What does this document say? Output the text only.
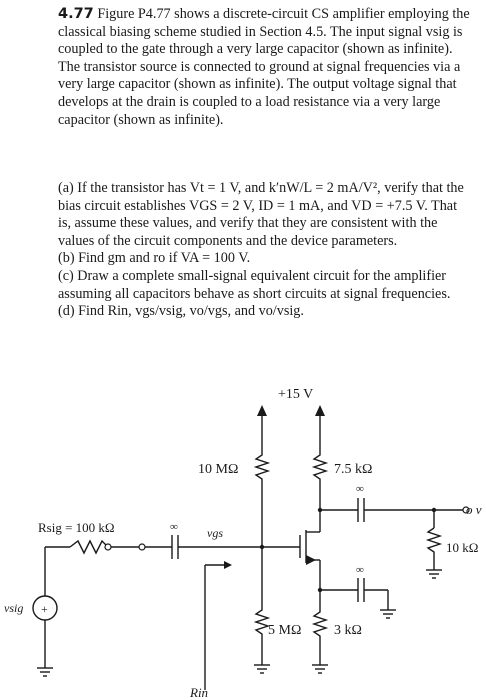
4.77 Figure P4.77 shows a discrete-circuit CS amplifier employing the classical biasing scheme studied in Section 4.5. The input signal vsig is coupled to the gate through a very large capacitor (shown as infinite). The transistor source is connected to ground at signal frequencies via a very large capacitor (shown as infinite). The output voltage signal that develops at the drain is coupled to a load resistance via a very large capacitor (shown as infinite).

(a) If the transistor has Vt = 1 V, and k′nW/L = 2 mA/V², verify that the bias circuit establishes VGS = 2 V, ID = 1 mA, and VD = +7.5 V. That is, assume these values, and verify that they are consistent with the values of the circuit components and the device parameters.

(b) Find gm and ro if VA = 100 V.

(c) Draw a complete small-signal equivalent circuit for the amplifier assuming all capacitors behave as short circuits at signal frequencies.

(d) Find Rin, vgs/vsig, vo/vgs, and vo/vsig.

+15 V
10 MΩ	7.5 kΩ
5 MΩ 3 kΩ
10 kΩ
Rsig = 100 kΩ
∞
∞
∞ vgs
vsig +
o v
Rin
